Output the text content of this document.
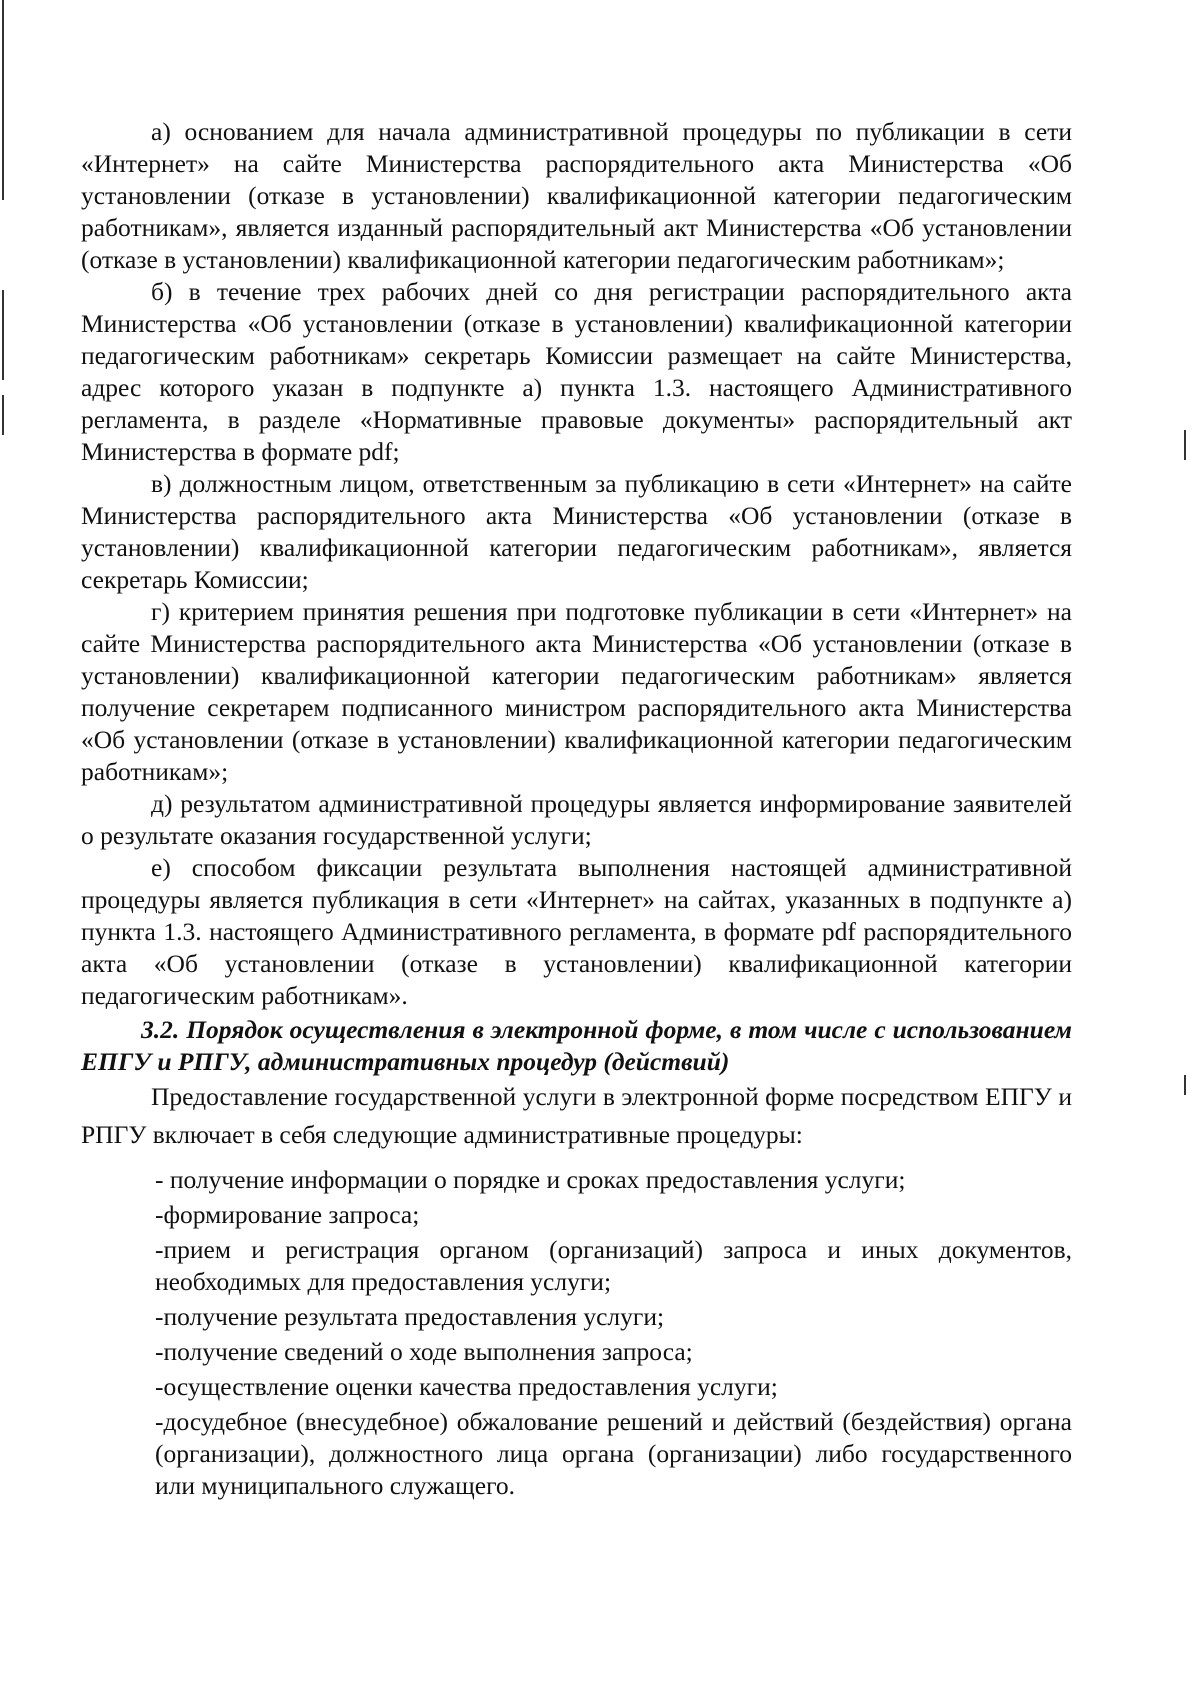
а) основанием для начала административной процедуры по публикации в сети «Интернет» на сайте Министерства распорядительного акта Министерства «Об установлении (отказе в установлении) квалификационной категории педагогическим работникам», является изданный распорядительный акт Министерства «Об установлении (отказе в установлении) квалификационной категории педагогическим работникам»;

б) в течение трех рабочих дней со дня регистрации распорядительного акта Министерства «Об установлении (отказе в установлении) квалификационной категории педагогическим работникам» секретарь Комиссии размещает на сайте Министерства, адрес которого указан в подпункте а) пункта 1.3. настоящего Административного регламента, в разделе «Нормативные правовые документы» распорядительный акт Министерства в формате pdf;

в) должностным лицом, ответственным за публикацию в сети «Интернет» на сайте Министерства распорядительного акта Министерства «Об установлении (отказе в установлении) квалификационной категории педагогическим работникам», является секретарь Комиссии;

г) критерием принятия решения при подготовке публикации в сети «Интернет» на сайте Министерства распорядительного акта Министерства «Об установлении (отказе в установлении) квалификационной категории педагогическим работникам» является получение секретарем подписанного министром распорядительного акта Министерства «Об установлении (отказе в установлении) квалификационной категории педагогическим работникам»;

д) результатом административной процедуры является информирование заявителей о результате оказания государственной услуги;

е) способом фиксации результата выполнения настоящей административной процедуры является публикация в сети «Интернет» на сайтах, указанных в подпункте а) пункта 1.3. настоящего Административного регламента, в формате pdf распорядительного акта «Об установлении (отказе в установлении) квалификационной категории педагогическим работникам».

3.2. Порядок осуществления в электронной форме, в том числе с использованием ЕПГУ и РПГУ, административных процедур (действий)

Предоставление государственной услуги в электронной форме посредством ЕПГУ и РПГУ включает в себя следующие административные процедуры:

- получение информации о порядке и сроках предоставления услуги;
-формирование запроса;
-прием и регистрация органом (организаций) запроса и иных документов, необходимых для предоставления услуги;
-получение результата предоставления услуги;
-получение сведений о ходе выполнения запроса;
-осуществление оценки качества предоставления услуги;
-досудебное (внесудебное) обжалование решений и действий (бездействия) органа (организации), должностного лица органа (организации) либо государственного или муниципального служащего.
